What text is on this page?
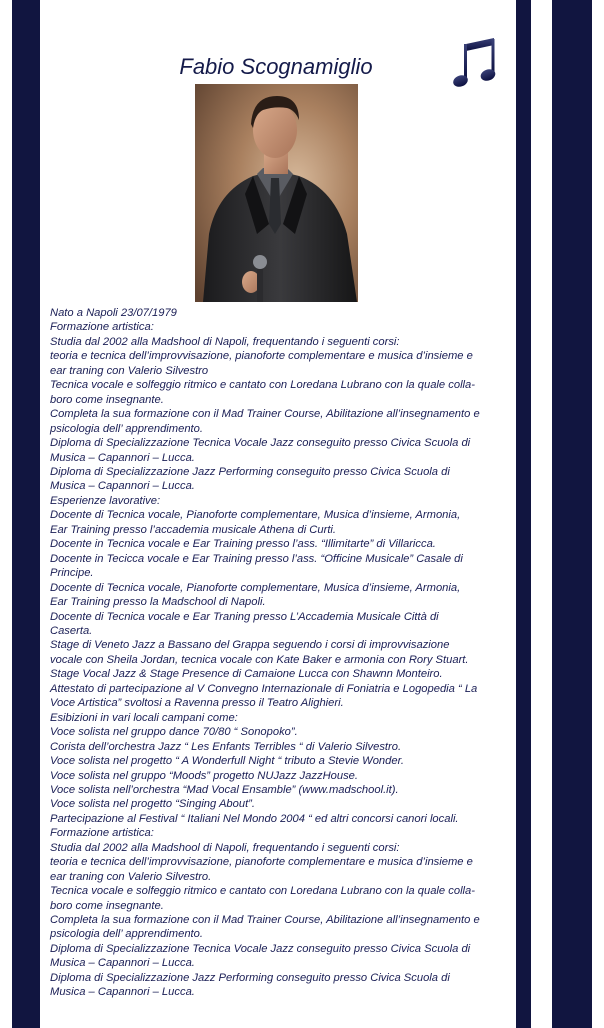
Fabio Scognamiglio
Nato a Napoli 23/07/1979
Formazione artistica:
Studia dal 2002 alla Madshool di Napoli, frequentando i seguenti corsi:
teoria e tecnica dell’improvvisazione, pianoforte complementare e musica d’insieme e
ear traning con Valerio Silvestro
Tecnica vocale e solfeggio ritmico e cantato con Loredana Lubrano con la quale colla-
boro come insegnante.
Completa la sua formazione con il Mad Trainer Course, Abilitazione all’insegnamento e
psicologia dell’ apprendimento.
Diploma di Specializzazione Tecnica Vocale Jazz conseguito presso Civica Scuola di
Musica – Capannori – Lucca.
Diploma di Specializzazione Jazz Performing conseguito presso Civica Scuola di
Musica – Capannori – Lucca.
Esperienze lavorative:
Docente di Tecnica vocale, Pianoforte complementare, Musica d’insieme, Armonia,
Ear Training presso l’accademia musicale Athena di Curti.
Docente in Tecnica vocale e Ear Training presso l’ass. “Illimitarte” di Villaricca.
Docente in Tecicca vocale e Ear Training presso l’ass. “Officine Musicale” Casale di
Principe.
Docente di Tecnica vocale, Pianoforte complementare, Musica d’insieme, Armonia,
Ear Training presso la Madschool di Napoli.
Docente di Tecnica vocale e Ear Traning presso L’Accademia Musicale Città di
Caserta.
Stage di Veneto Jazz a Bassano del Grappa seguendo i corsi di improvvisazione
vocale con Sheila Jordan, tecnica vocale con Kate Baker e armonia con Rory Stuart.
Stage Vocal Jazz & Stage Presence di Camaione Lucca con Shawnn Monteiro.
Attestato di partecipazione al V Convegno Internazionale di Foniatria e Logopedia “ La
Voce Artistica” svoltosi a Ravenna presso il Teatro Alighieri.
Esibizioni in vari locali campani come:
Voce solista nel gruppo dance 70/80 “ Sonopoko”.
Corista dell’orchestra Jazz “ Les Enfants Terribles “ di Valerio Silvestro.
Voce solista nel progetto “ A Wonderfull Night “ tributo a Stevie Wonder.
Voce solista nel gruppo “Moods” progetto NUJazz JazzHouse.
Voce solista nell’orchestra “Mad Vocal Ensamble” (www.madschool.it).
Voce solista nel progetto “Singing About”.
Partecipazione al Festival “ Italiani Nel Mondo 2004 “ ed altri concorsi canori locali.
Formazione artistica:
Studia dal 2002 alla Madshool di Napoli, frequentando i seguenti corsi:
teoria e tecnica dell’improvvisazione, pianoforte complementare e musica d’insieme e
ear traning con Valerio Silvestro.
Tecnica vocale e solfeggio ritmico e cantato con Loredana Lubrano con la quale colla-
boro come insegnante.
Completa la sua formazione con il Mad Trainer Course, Abilitazione all’insegnamento e
psicologia dell’ apprendimento.
Diploma di Specializzazione Tecnica Vocale Jazz conseguito presso Civica Scuola di
Musica – Capannori – Lucca.
Diploma di Specializzazione Jazz Performing conseguito presso Civica Scuola di
Musica – Capannori – Lucca.
